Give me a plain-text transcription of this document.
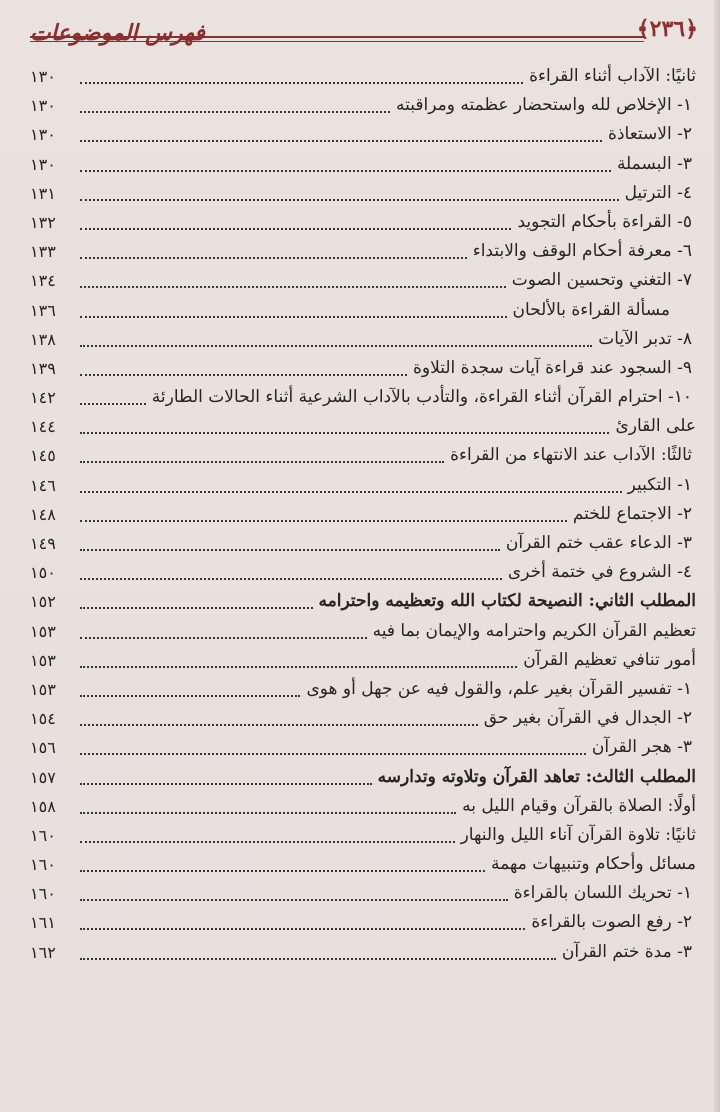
﴿٢٣٦﴾
فهرس الموضوعات
ثانيًا: الآداب أثناء القراءة
١٣٠
١- الإخلاص لله واستحضار عظمته ومراقبته
١٣٠
٢- الاستعاذة
١٣٠
٣- البسملة
١٣٠
٤- الترتيل
١٣١
٥- القراءة بأحكام التجويد
١٣٢
٦- معرفة أحكام الوقف والابتداء
١٣٣
٧- التغني وتحسين الصوت
١٣٤
مسألة القراءة بالألحان
١٣٦
٨- تدبر الآيات
١٣٨
٩- السجود عند قراءة آيات سجدة التلاوة
١٣٩
١٠- احترام القرآن أثناء القراءة، والتأدب بالآداب الشرعية أثناء الحالات الطارئة
١٤٢
على القارئ
١٤٤
ثالثًا: الآداب عند الانتهاء من القراءة
١٤٥
١- التكبير
١٤٦
٢- الاجتماع للختم
١٤٨
٣- الدعاء عقب ختم القرآن
١٤٩
٤- الشروع في ختمة أخرى
١٥٠
المطلب الثاني: النصيحة لكتاب الله وتعظيمه واحترامه
١٥٢
تعظيم القرآن الكريم واحترامه والإيمان بما فيه
١٥٣
أمور تنافي تعظيم القرآن
١٥٣
١- تفسير القرآن بغير علم، والقول فيه عن جهل أو هوى
١٥٣
٢- الجدال في القرآن بغير حق
١٥٤
٣- هجر القرآن
١٥٦
المطلب الثالث: تعاهد القرآن وتلاوته وتدارسه
١٥٧
أولًا: الصلاة بالقرآن وقيام الليل به
١٥٨
ثانيًا: تلاوة القرآن آناء الليل والنهار
١٦٠
مسائل وأحكام وتنبيهات مهمة
١٦٠
١- تحريك اللسان بالقراءة
١٦٠
٢- رفع الصوت بالقراءة
١٦١
٣- مدة ختم القرآن
١٦٢
